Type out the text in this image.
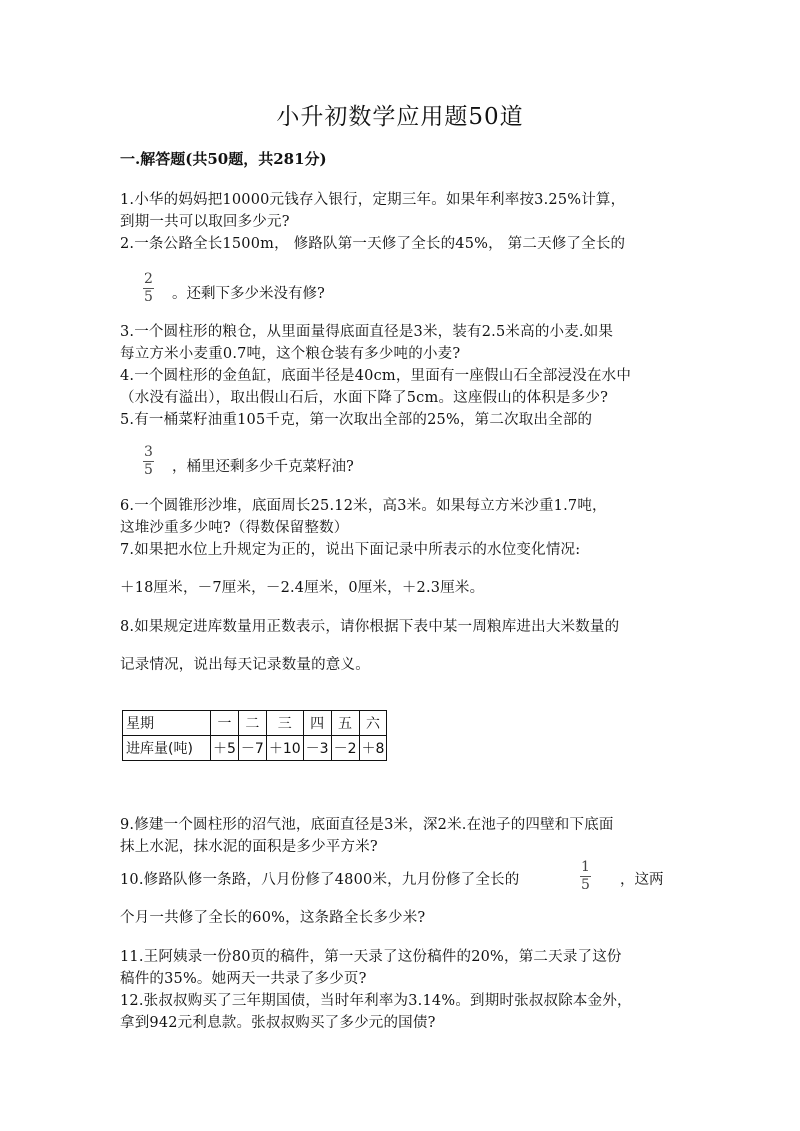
小升初数学应用题50道
一.解答题(共50题，共281分)
1.小华的妈妈把10000元钱存入银行，定期三年。如果年利率按3.25%计算，
到期一共可以取回多少元?
2.一条公路全长1500m， 修路队第一天修了全长的45%， 第二天修了全长的
2
5 。还剩下多少米没有修?
3.一个圆柱形的粮仓，从里面量得底面直径是3米，装有2.5米高的小麦.如果
每立方米小麦重0.7吨，这个粮仓装有多少吨的小麦?
4.一个圆柱形的金鱼缸，底面半径是40cm，里面有一座假山石全部浸没在水中
（水没有溢出），取出假山石后，水面下降了5cm。这座假山的体积是多少?
5.有一桶菜籽油重105千克，第一次取出全部的25%，第二次取出全部的
3
5 ，桶里还剩多少千克菜籽油?
6.一个圆锥形沙堆，底面周长25.12米，高3米。如果每立方米沙重1.7吨，
这堆沙重多少吨?（得数保留整数）
7.如果把水位上升规定为正的，说出下面记录中所表示的水位变化情况:
＋18厘米，－7厘米，－2.4厘米，0厘米，＋2.3厘米。
8.如果规定进库数量用正数表示，请你根据下表中某一周粮库进出大米数量的
记录情况，说出每天记录数量的意义。
星期	一	二	三	四	五	六
进库量(吨)	＋5	－7	＋10	－3	－2	＋8
9.修建一个圆柱形的沼气池，底面直径是3米，深2米.在池子的四壁和下底面
抹上水泥，抹水泥的面积是多少平方米?
10.修路队修一条路，八月份修了4800米，九月份修了全长的
1
5 ，这两
个月一共修了全长的60%，这条路全长多少米?
11.王阿姨录一份80页的稿件，第一天录了这份稿件的20%，第二天录了这份
稿件的35%。她两天一共录了多少页?
12.张叔叔购买了三年期国债，当时年利率为3.14%。到期时张叔叔除本金外，
拿到942元利息款。张叔叔购买了多少元的国债?
